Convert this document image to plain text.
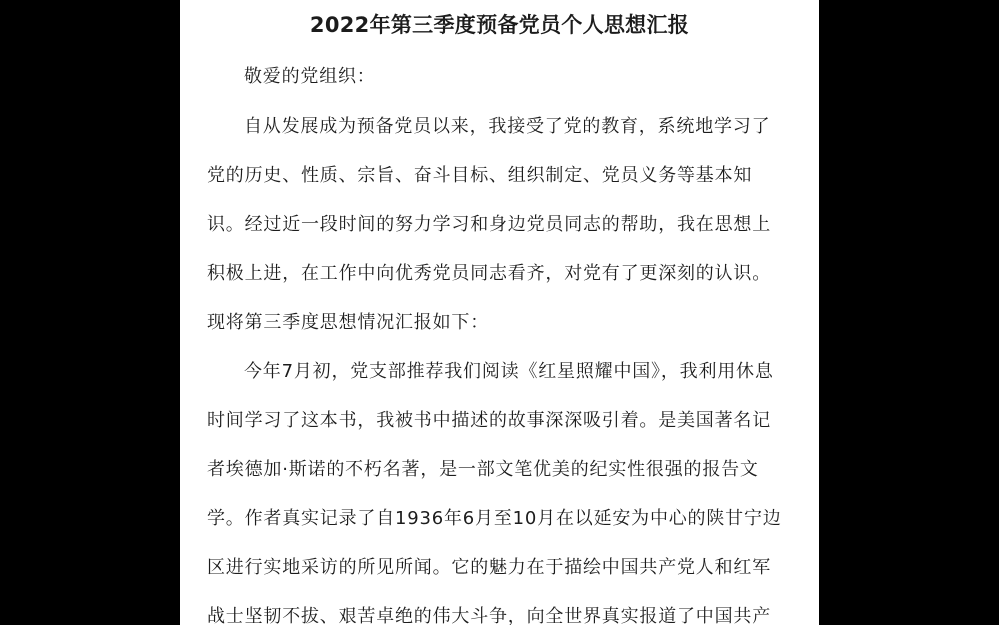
2022年第三季度预备党员个人思想汇报
敬爱的党组织：
自从发展成为预备党员以来，我接受了党的教育，系统地学习了
党的历史、性质、宗旨、奋斗目标、组织制定、党员义务等基本知
识。经过近一段时间的努力学习和身边党员同志的帮助，我在思想上
积极上进，在工作中向优秀党员同志看齐，对党有了更深刻的认识。
现将第三季度思想情况汇报如下：
今年7月初，党支部推荐我们阅读《红星照耀中国》，我利用休息
时间学习了这本书，我被书中描述的故事深深吸引着。是美国著名记
者埃德加·斯诺的不朽名著，是一部文笔优美的纪实性很强的报告文
学。作者真实记录了自1936年6月至10月在以延安为中心的陕甘宁边
区进行实地采访的所见所闻。它的魅力在于描绘中国共产党人和红军
战士坚韧不拔、艰苦卓绝的伟大斗争，向全世界真实报道了中国共产
